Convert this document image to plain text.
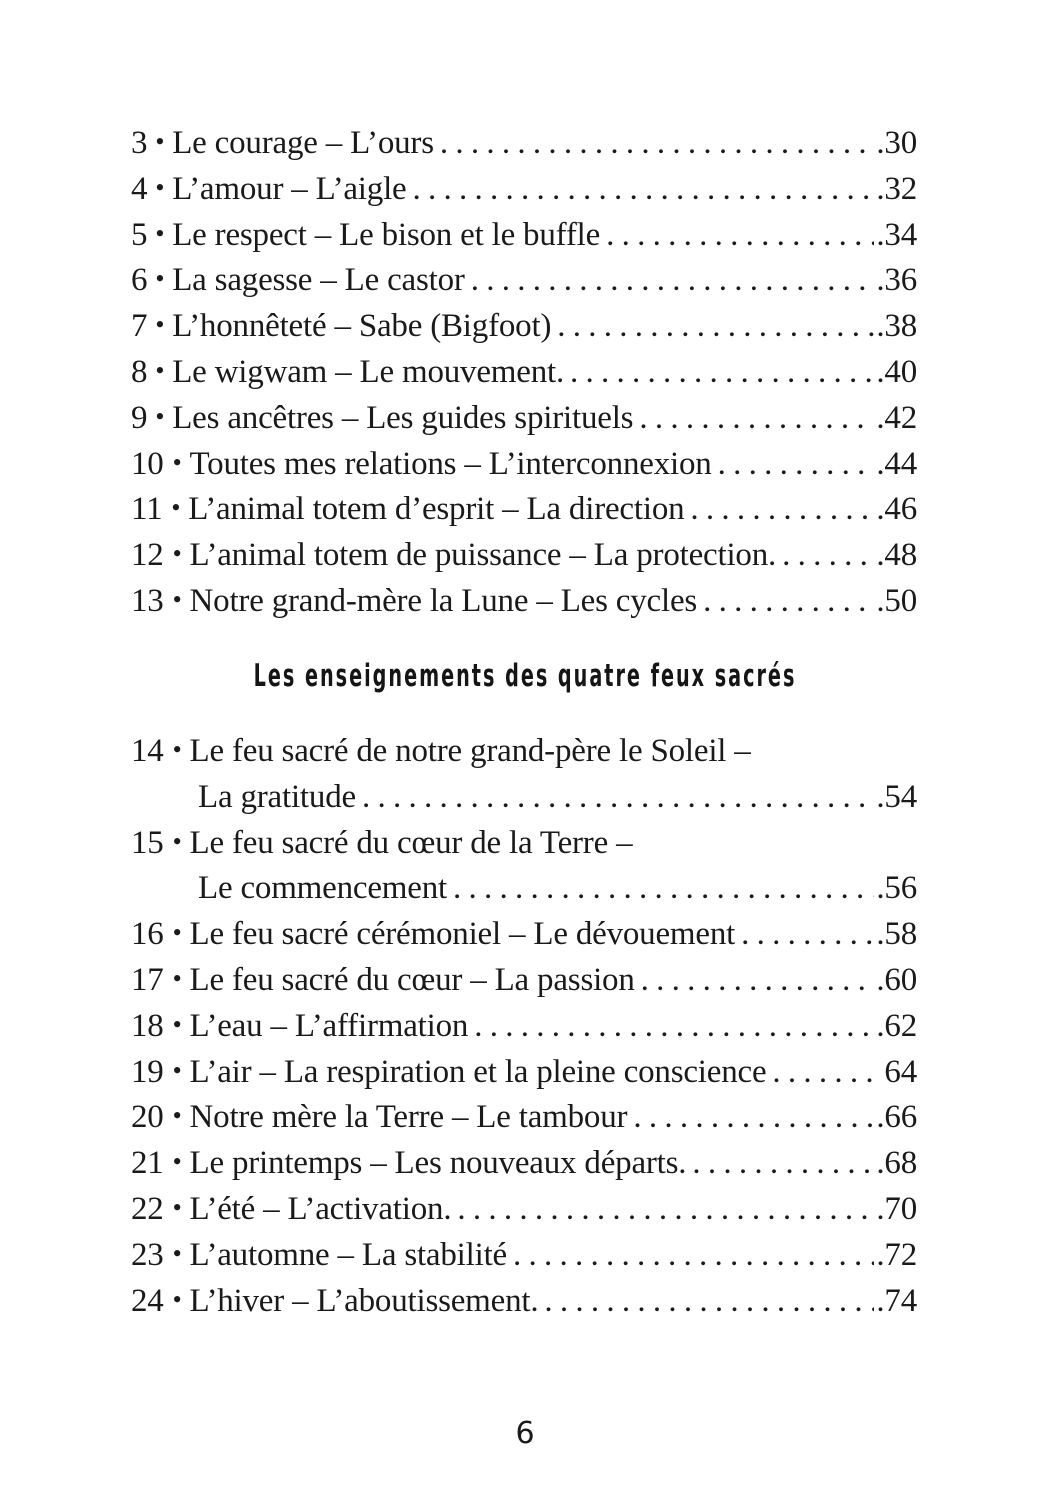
3 • Le courage – L’ours . . .	.30
4 • L’amour – L’aigle . . .	.32
5 • Le respect – Le bison et le buffle . . .	.34
6 • La sagesse – Le castor . . .	.36
7 • L’honnêteté – Sabe (Bigfoot) . . .	.38
8 • Le wigwam – Le mouvement. . . .	.40
9 • Les ancêtres – Les guides spirituels . . .	.42
10 • Toutes mes relations – L’interconnexion . . .	.44
11 • L’animal totem d’esprit – La direction . . .	.46
12 • L’animal totem de puissance – La protection. . . .	.48
13 • Notre grand-mère la Lune – Les cycles . . .	.50
Les enseignements des quatre feux sacrés
14 • Le feu sacré de notre grand-père le Soleil –
La gratitude . . .	.54
15 • Le feu sacré du cœur de la Terre –
Le commencement . . .	.56
16 • Le feu sacré cérémoniel – Le dévouement . . .	.58
17 • Le feu sacré du cœur – La passion . . .	.60
18 • L’eau – L’affirmation . . .	.62
19 • L’air – La respiration et la pleine conscience . . .	64
20 • Notre mère la Terre – Le tambour . . .	.66
21 • Le printemps – Les nouveaux départs. . . .	.68
22 • L’été – L’activation. . . .	.70
23 • L’automne – La stabilité . . .	.72
24 • L’hiver – L’aboutissement. . . .	.74
6
